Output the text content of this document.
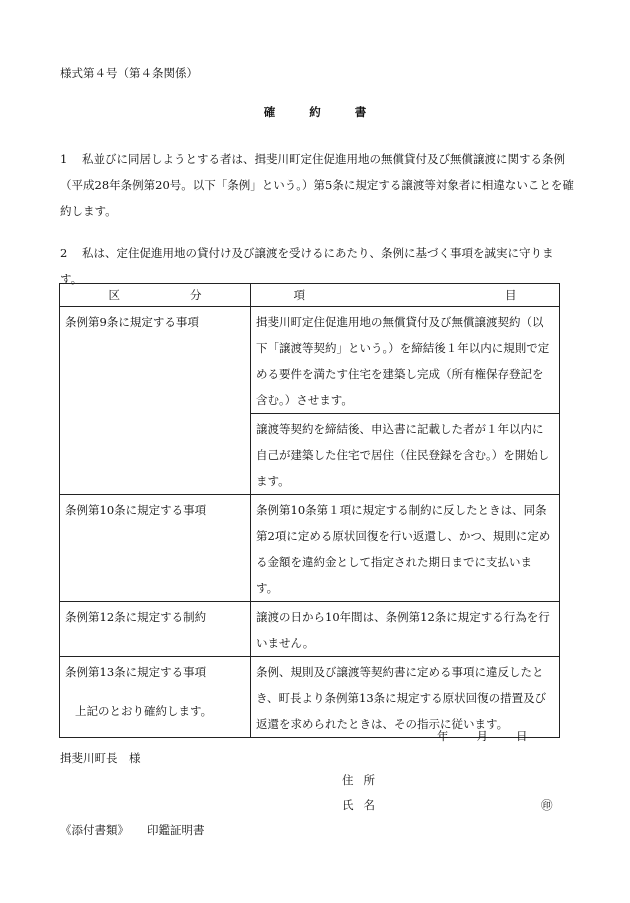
様式第４号（第４条関係）
確約書
1 私並びに同居しようとする者は、揖斐川町定住促進用地の無償貸付及び無償譲渡に関する条例（平成28年条例第20号。以下「条例」という。）第5条に規定する譲渡等対象者に相違ないことを確約します。
2 私は、定住促進用地の貸付け及び譲渡を受けるにあたり、条例に基づく事項を誠実に守ります。
区 分	項 目

条例第9条に規定する事項	揖斐川町定住促進用地の無償貸付及び無償譲渡契約（以下「譲渡等契約」という。）を締結後１年以内に規則で定める要件を満たす住宅を建築し完成（所有権保存登記を含む。）させます。
	譲渡等契約を締結後、申込書に記載した者が１年以内に自己が建築した住宅で居住（住民登録を含む。）を開始します。
条例第10条に規定する事項	条例第10条第１項に規定する制約に反したときは、同条第2項に定める原状回復を行い返還し、かつ、規則に定める金額を違約金として指定された期日までに支払います。
条例第12条に規定する制約	譲渡の日から10年間は、条例第12条に規定する行為を行いません。
条例第13条に規定する事項	条例、規則及び譲渡等契約書に定める事項に違反したとき、町長より条例第13条に規定する原状回復の措置及び返還を求められたときは、その指示に従います。
上記のとおり確約します。
年 月 日
揖斐川町長　様
住所
氏名	㊞
《添付書類》 印鑑証明書
